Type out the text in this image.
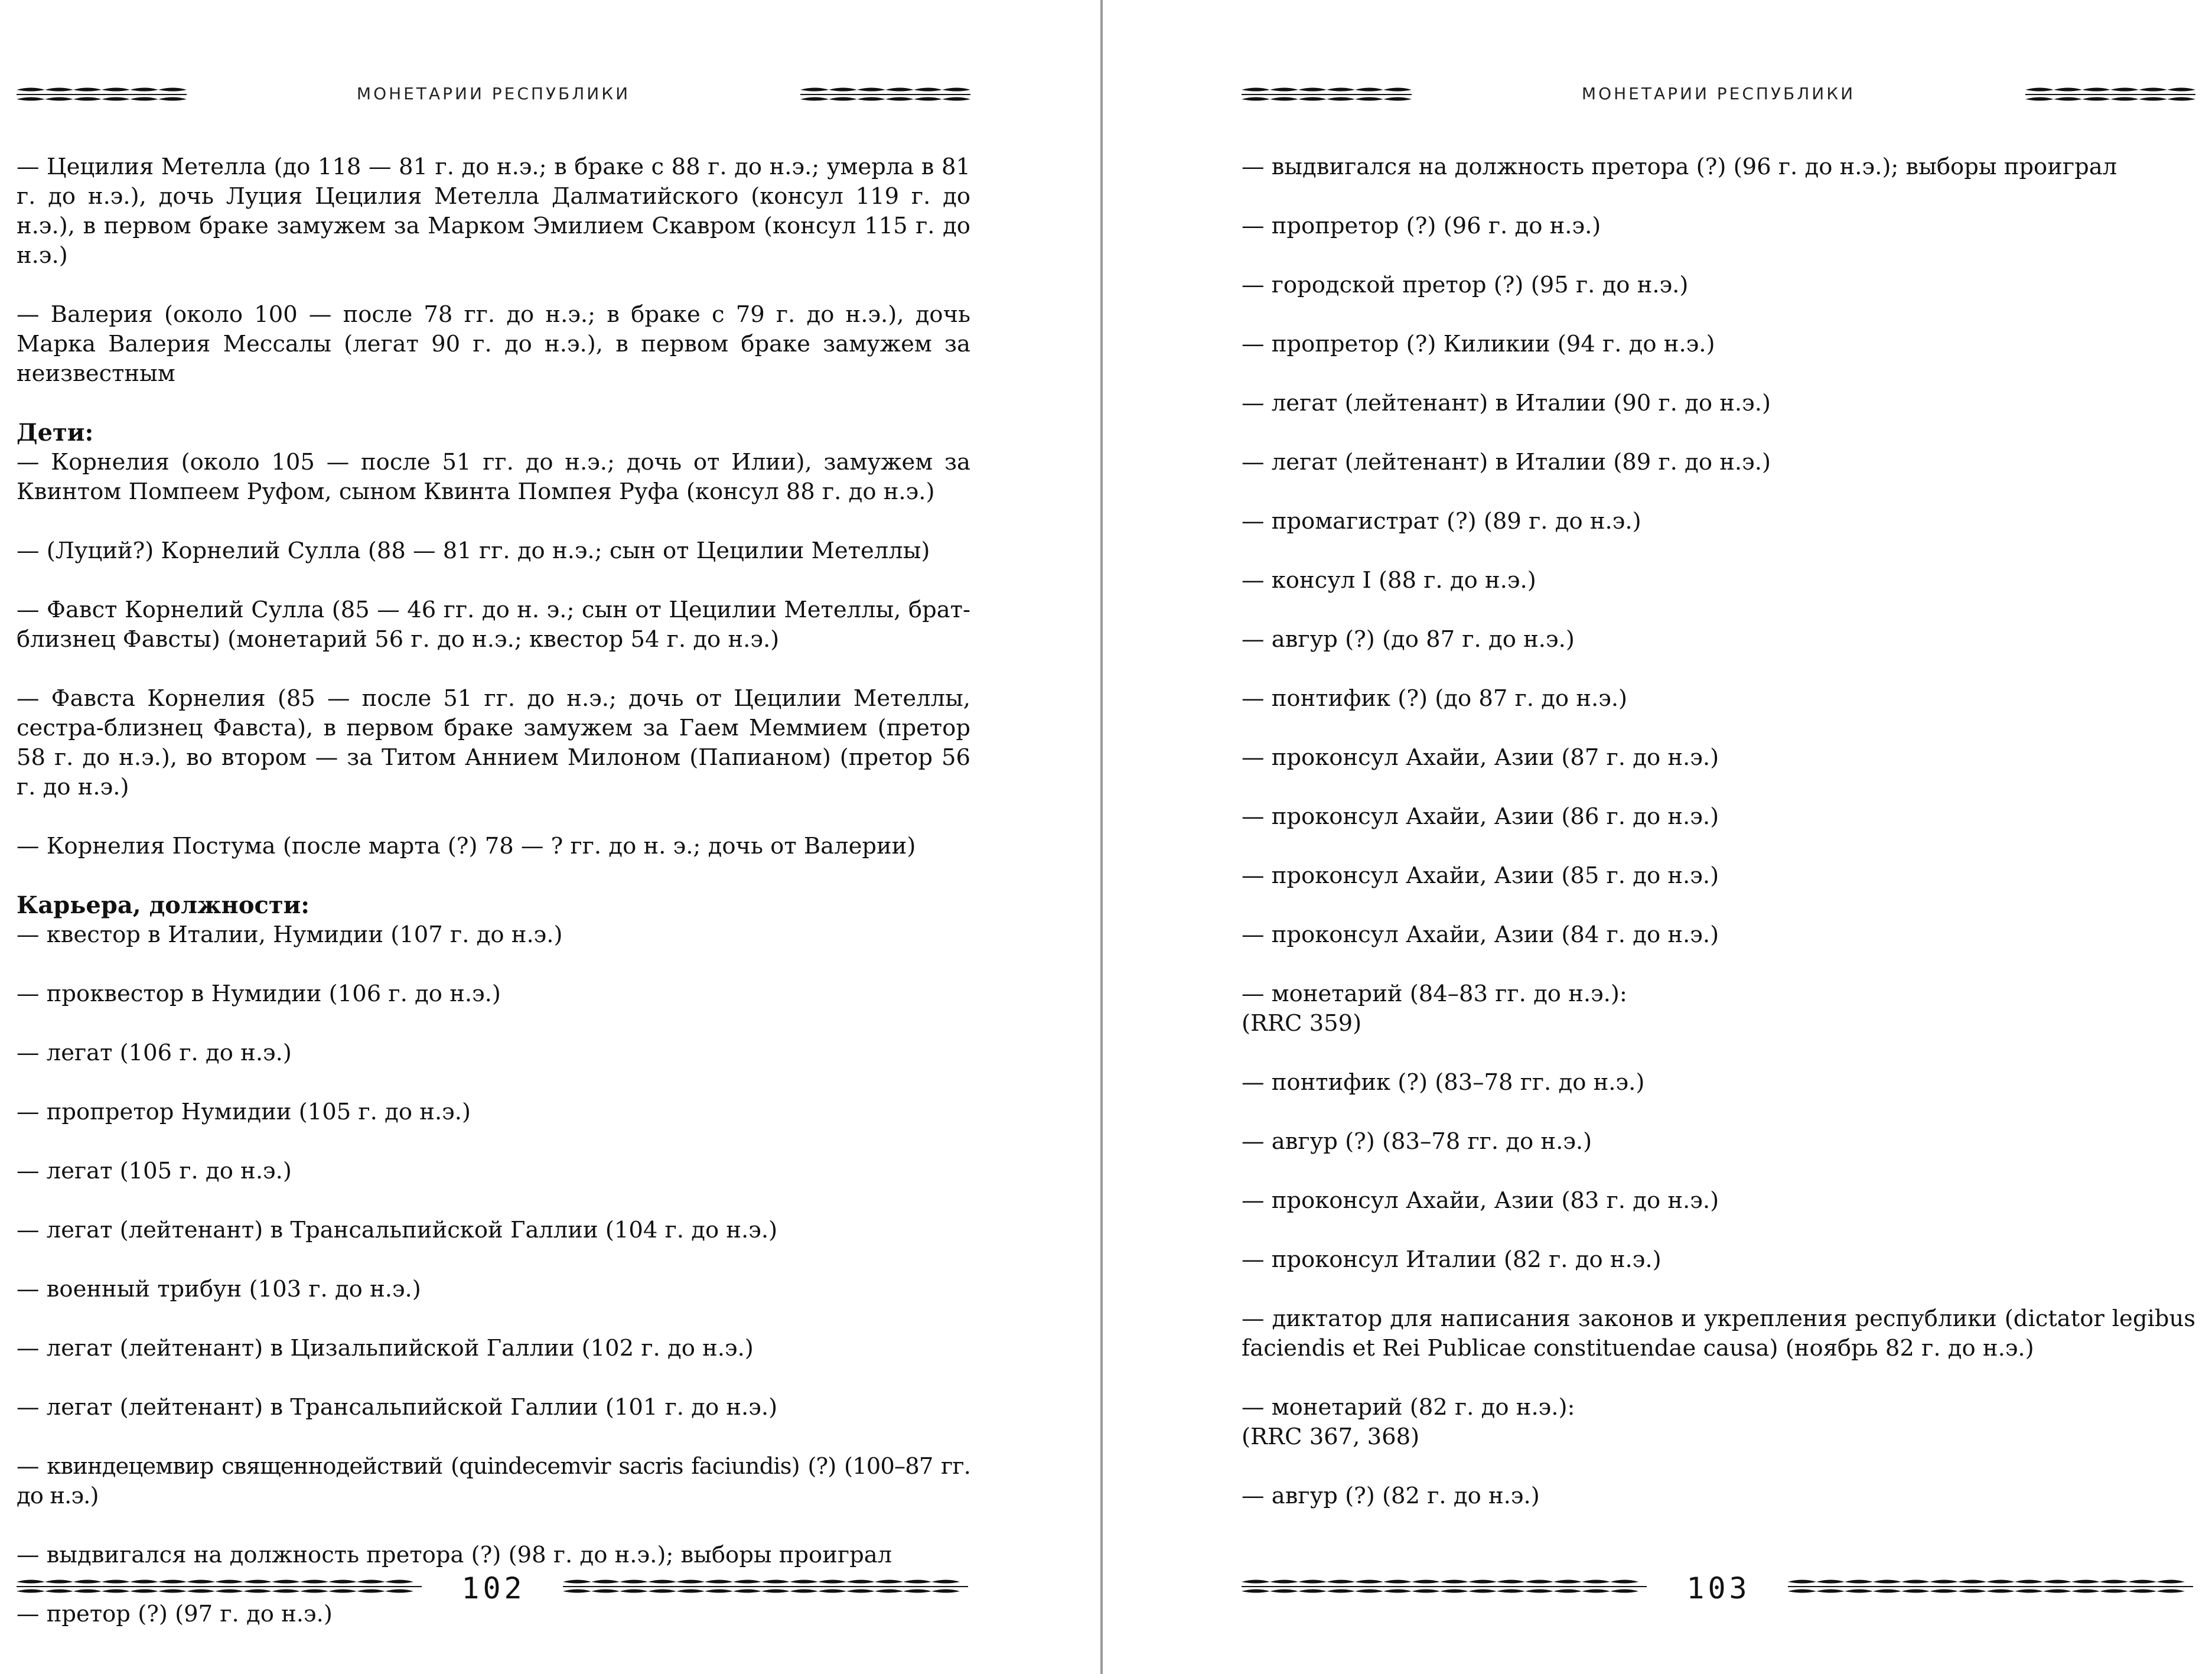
МОНЕТАРИИ РЕСПУБЛИКИ

— Цецилия Метелла (до 118 — 81 г. до н.э.; в браке с 88 г. до н.э.; умерла в 81 г. до н.э.), дочь Луция Цецилия Метелла Далматийского (консул 119 г. до н.э.), в первом браке замужем за Марком Эмилием Скавром (консул 115 г. до н.э.)

— Валерия (около 100 — после 78 гг. до н.э.; в браке с 79 г. до н.э.), дочь Марка Валерия Мессалы (легат 90 г. до н.э.), в первом браке замужем за неизвестным

Дети:

— Корнелия (около 105 — после 51 гг. до н.э.; дочь от Илии), замужем за Квинтом Помпеем Руфом, сыном Квинта Помпея Руфа (консул 88 г. до н.э.)

— (Луций?) Корнелий Сулла (88 — 81 гг. до н.э.; сын от Цецилии Метеллы)

— Фавст Корнелий Сулла (85 — 46 гг. до н. э.; сын от Цецилии Метеллы, брат-близнец Фавсты) (монетарий 56 г. до н.э.; квестор 54 г. до н.э.)

— Фавста Корнелия (85 — после 51 гг. до н.э.; дочь от Цецилии Метеллы, сестра-близнец Фавста), в первом браке замужем за Гаем Меммием (претор 58 г. до н.э.), во втором — за Титом Аннием Милоном (Папианом) (претор 56 г. до н.э.)

— Корнелия Постума (после марта (?) 78 — ? гг. до н. э.; дочь от Валерии)

Карьера, должности:

— квестор в Италии, Нумидии (107 г. до н.э.)

— проквестор в Нумидии (106 г. до н.э.)

— легат (106 г. до н.э.)

— пропретор Нумидии (105 г. до н.э.)

— легат (105 г. до н.э.)

— легат (лейтенант) в Трансальпийской Галлии (104 г. до н.э.)

— военный трибун (103 г. до н.э.)

— легат (лейтенант) в Цизальпийской Галлии (102 г. до н.э.)

— легат (лейтенант) в Трансальпийской Галлии (101 г. до н.э.)

— квиндецемвир священнодействий (quindecemvir sacris faciundis) (?) (100–87 гг. до н.э.)

— выдвигался на должность претора (?) (98 г. до н.э.); выборы проиграл

— претор (?) (97 г. до н.э.)

102
МОНЕТАРИИ РЕСПУБЛИКИ

— выдвигался на должность претора (?) (96 г. до н.э.); выборы проиграл

— пропретор (?) (96 г. до н.э.)

— городской претор (?) (95 г. до н.э.)

— пропретор (?) Киликии (94 г. до н.э.)

— легат (лейтенант) в Италии (90 г. до н.э.)

— легат (лейтенант) в Италии (89 г. до н.э.)

— промагистрат (?) (89 г. до н.э.)

— консул I (88 г. до н.э.)

— авгур (?) (до 87 г. до н.э.)

— понтифик (?) (до 87 г. до н.э.)

— проконсул Ахайи, Азии (87 г. до н.э.)

— проконсул Ахайи, Азии (86 г. до н.э.)

— проконсул Ахайи, Азии (85 г. до н.э.)

— проконсул Ахайи, Азии (84 г. до н.э.)

— монетарий (84–83 гг. до н.э.):

(RRC 359)

— понтифик (?) (83–78 гг. до н.э.)

— авгур (?) (83–78 гг. до н.э.)

— проконсул Ахайи, Азии (83 г. до н.э.)

— проконсул Италии (82 г. до н.э.)

— диктатор для написания законов и укрепления республики (dictator legibus faciendis et Rei Publicae constituendae causa) (ноябрь 82 г. до н.э.)

— монетарий (82 г. до н.э.):

(RRC 367, 368)

— авгур (?) (82 г. до н.э.)

103
